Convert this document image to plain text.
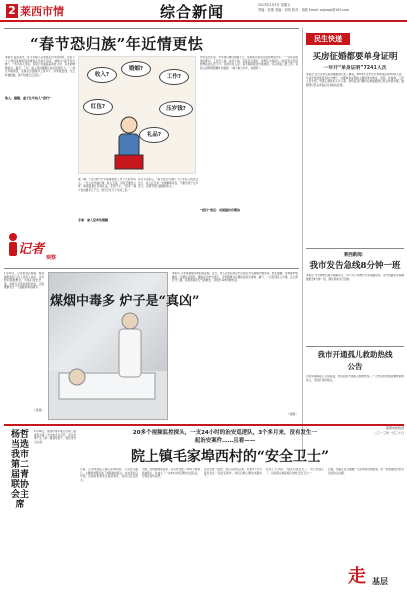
2 莱西市情	综合新闻	2013年2月5日 星期五
责编：张蕾 美编：刘伟 校对：周燕 Email: xxjbwgl@163.com
“春节恐归族”年近情更怯
本报讯 临近春节，在大多数人买票回家过年的同时，也有不少人却因各种原因选择留在外地不回家，被称为“春节恐归族”。一些年轻人坦言，回家过年面临着来自父母、亲友的种种追问，婚恋、工作、收入等问题都让他们倍感压力。“一到过年就紧张，亲戚们见面就问工资多少、对象找没找、什么时候结婚，真不知道怎么回答。”
收入、婚姻、面子让年轻人“恐归”
收入?
婚姻?
工作?
红包?	压岁钱?
礼品?
据了解，“恐归族”中多是刚参加工作不久的年轻人。一些人在外地打拼，收入不高，回家还要给父母、晚辈准备红包和礼品，花费不小。“回家一趟少说也要花几千元，相当于好几个月的工资。”
专家：家人应多些理解
有关专家表示，“春节恐归”反映了当下年轻人的生活压力，家人应当多一些理解和包容，不要给孩子太多压力，让春节回归团圆的本义。
市民张先生说，今年他们单位放假七天，但是他还是决定留在城里过年。“一回家亲戚朋友都问，工作怎么样，挣多少钱，有没有女朋友，觉得压力特别大。”和张先生有同样想法的人还不少。有的年轻人说，春节期间留在外地加班，可以拿到三倍工资；有的人则利用假期外出旅游，“换个地方过年，也挺好”。
“恐归”背后：对团圆仍有期待
记者
观察
民生快递
买房征婚都要单身证明
一年开“单身证明”7241人次
本报讯 近日从市民政局婚姻登记处了解到，2012年全市共开具单身证明7241人次，与往年相比数量有较大增长。办理单身证明的主要用途为购房、贷款、征婚等。工作人员介绍，申请人须持本人户口簿、身份证到户籍所在地婚姻登记机关申请办理，婚姻登记机关审查后出具相关证明。
莱西新闻：
我市发告急线8分钟一班
本报讯 为方便市民春节期间出行，市公交公司增开多条线路班次，部分线路发车间隔缩短至8分钟一班，满足乘客出行需求。
我市开通孤儿救助热线
公告
为切实保障孤儿合法权益，市民政局开通孤儿救助热线，广大市民如发现需要救助的孤儿，可拨打热线电话。
莱西市民政局
二〇一三年一月三十日
1月31日，记者来到店埠镇，看到镇里组织工作人员深入各村，走访慰问困难群众，为他们送去米、面、油等生活用品和慰问金，让困难群众过一个温暖祥和的春节。
（宫斐）
煤烟中毒多 炉子是“真凶”
本报讯 冬季是煤烟中毒的高发期，近日，市人民医院急诊科已接诊多名煤烟中毒患者。医生提醒，使用煤炉取暖时一定要注意通风，睡前应将炉火熄灭，安装烟筒并定期检查是否堵塞、漏气，一旦发现有人中毒，应立即打开门窗，将患者移至空气新鲜处，并拨打120急救电话。
（张艳）
杨哲当选我市第二届青联协会主席
1月26日，莱西市青年联合会第二届委员会第一次全体会议召开，会议选举产生了新一届领导班子，杨哲当选为主席。
20多个视频监控探头，一支24小时的治安巡逻队，3个多月来，没有发生一
起治安案件……且看——
院上镇毛家埠西村的“安全卫士”
日前，记者来到院上镇毛家埠西村，只见村头路口、主要街道都安装了视频监控探头。村支部书记介绍，以前村里常发生盗窃案件，村民们意见很大。
为此，村两委筹集资金，在全村安装了20多个视频监控探头，并成立了一支24小时巡逻的治安队伍，分班在村内巡逻。
自从安装了监控、成立巡逻队以来，村里3个多月没有发生一起治安案件，村民们晚上睡觉也踏实了。
村民王大爷说：“现在村里安全了，出门也放心了，这些探头就是咱们村的‘安全卫士’。”
目前，该镇正在全镇推广毛家埠西村的经验，进一步加强农村社会治安综合治理。
走 基层
